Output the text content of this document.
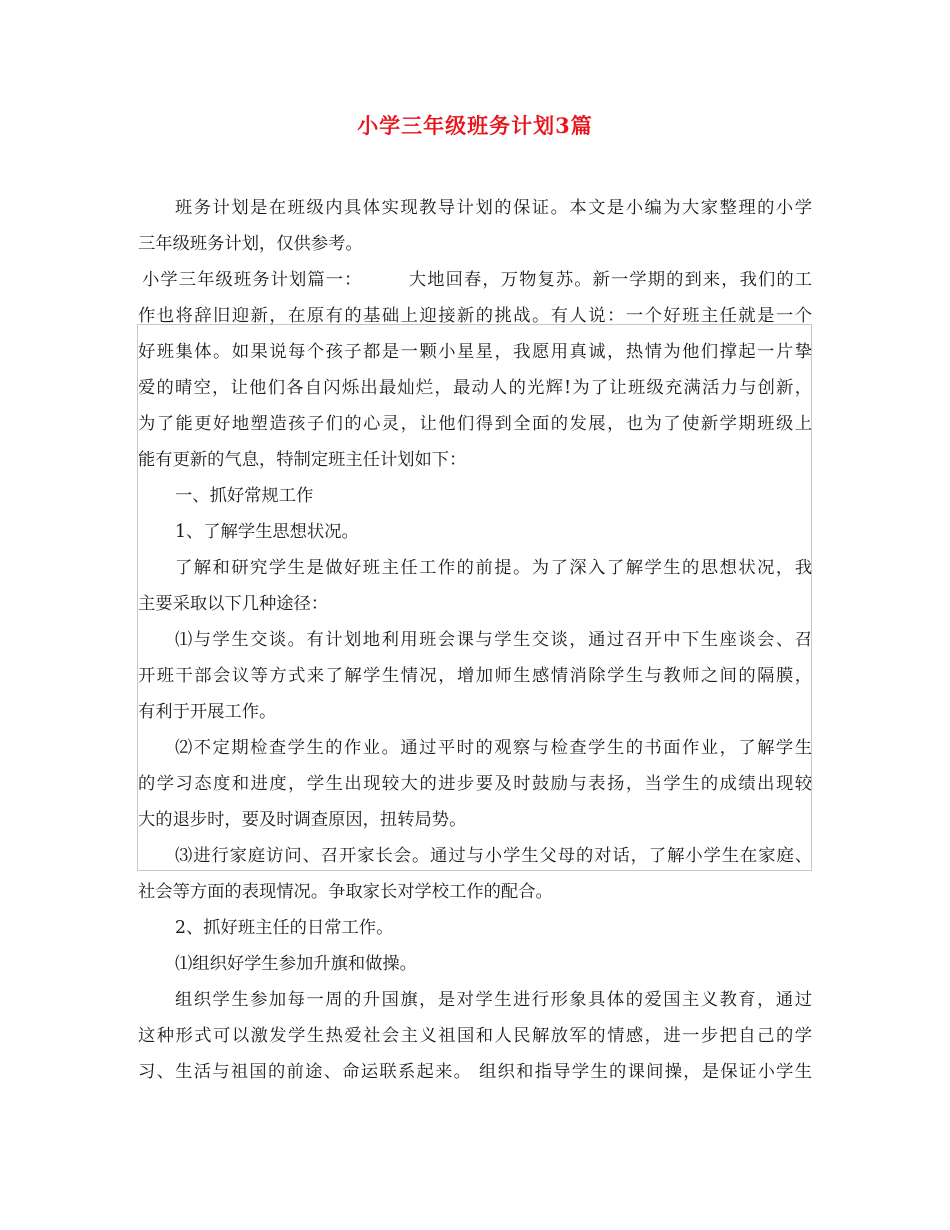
小学三年级班务计划3篇
班务计划是在班级内具体实现教导计划的保证。本文是小编为大家整理的小学
三年级班务计划，仅供参考。
小学三年级班务计划篇一：　　　大地回春，万物复苏。新一学期的到来，我们的工
作也将辞旧迎新，在原有的基础上迎接新的挑战。有人说：一个好班主任就是一个
好班集体。如果说每个孩子都是一颗小星星，我愿用真诚，热情为他们撑起一片挚
爱的晴空，让他们各自闪烁出最灿烂，最动人的光辉!为了让班级充满活力与创新，
为了能更好地塑造孩子们的心灵，让他们得到全面的发展，也为了使新学期班级上
能有更新的气息，特制定班主任计划如下：
一、抓好常规工作
1、了解学生思想状况。
了解和研究学生是做好班主任工作的前提。为了深入了解学生的思想状况，我
主要采取以下几种途径：
⑴与学生交谈。有计划地利用班会课与学生交谈，通过召开中下生座谈会、召
开班干部会议等方式来了解学生情况，增加师生感情消除学生与教师之间的隔膜，
有利于开展工作。
⑵不定期检查学生的作业。通过平时的观察与检查学生的书面作业，了解学生
的学习态度和进度，学生出现较大的进步要及时鼓励与表扬，当学生的成绩出现较
大的退步时，要及时调查原因，扭转局势。
⑶进行家庭访问、召开家长会。通过与小学生父母的对话，了解小学生在家庭、
社会等方面的表现情况。争取家长对学校工作的配合。
2、抓好班主任的日常工作。
⑴组织好学生参加升旗和做操。
组织学生参加每一周的升国旗，是对学生进行形象具体的爱国主义教育，通过
这种形式可以激发学生热爱社会主义祖国和人民解放军的情感，进一步把自己的学
习、生活与祖国的前途、命运联系起来。 组织和指导学生的课间操，是保证小学生
